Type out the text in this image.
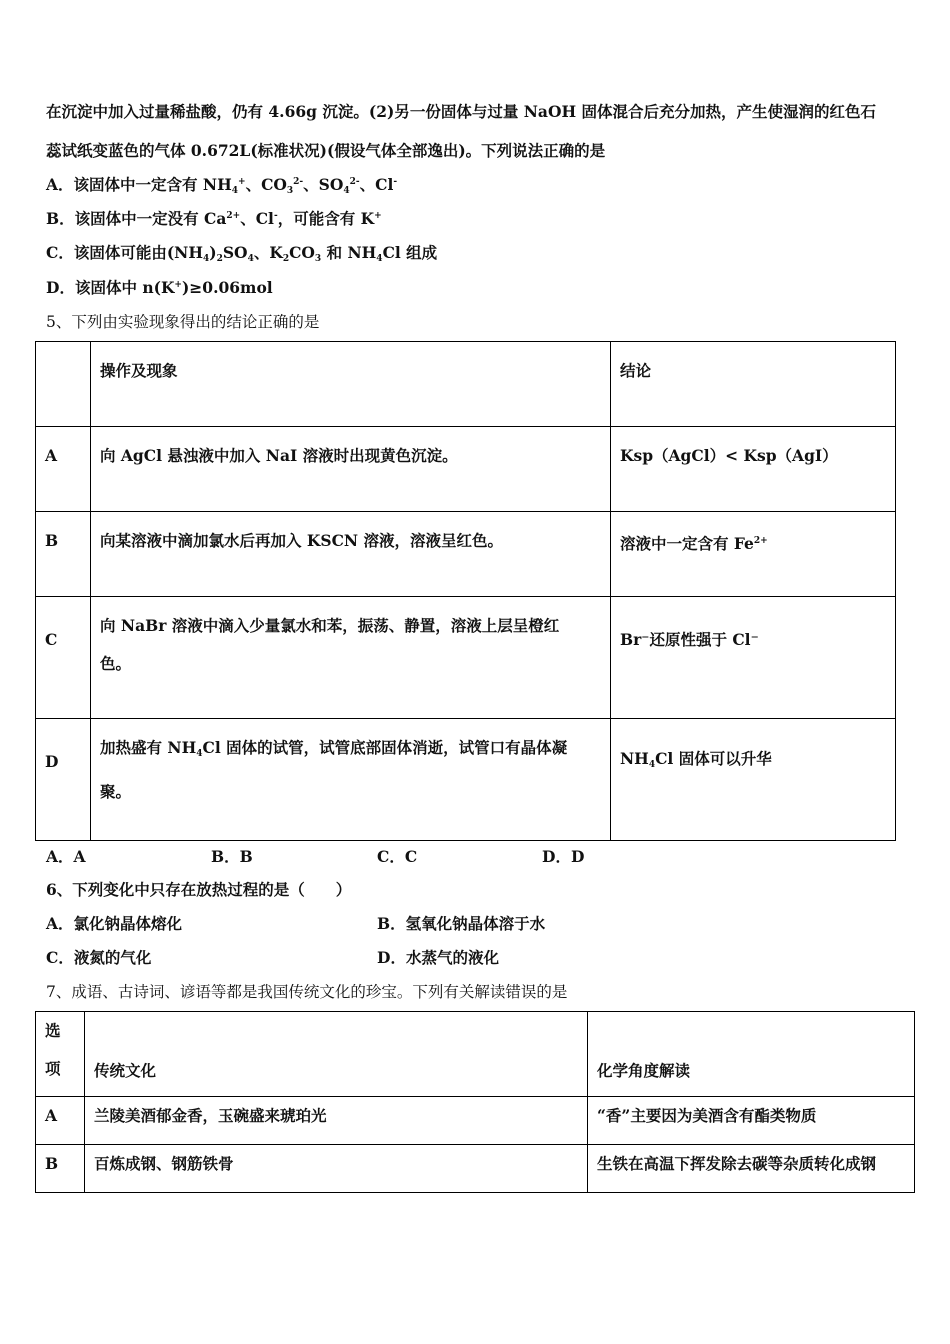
在沉淀中加入过量稀盐酸，仍有 4.66g 沉淀。(2)另一份固体与过量 NaOH 固体混合后充分加热，产生使湿润的红色石
蕊试纸变蓝色的气体 0.672L(标准状况)(假设气体全部逸出)。下列说法正确的是
A．该固体中一定含有 $NH_4^+$、$CO_3^{2-}$、$SO_4^{2-}$、Cl-
B．该固体中一定没有 $Ca^{2+}$、Cl-，可能含有 K+
C．该固体可能由$(NH_4)_2SO_4$、$K_2CO_3$ 和 $NH_4Cl$ 组成
D．该固体中 n(K+)≥0.06mol
5、下列由实验现象得出的结论正确的是

	操作及现象	结论

A	向 AgCl 悬浊液中加入 NaI 溶液时出现黄色沉淀。	Ksp（AgCl）< Ksp（AgI）

B	向某溶液中滴加氯水后再加入 KSCN 溶液，溶液呈红色。	溶液中一定含有 $Fe^{2+}$

C	向 NaBr 溶液中滴入少量氯水和苯，振荡、静置，溶液上层呈橙红色。	Br⁻还原性强于 Cl⁻

D	加热盛有 $NH_4Cl$ 固体的试管，试管底部固体消逝，试管口有晶体凝聚。	$NH_4Cl$ 固体可以升华
A．A	B．B	C．C	D．D
6、下列变化中只存在放热过程的是（　　）
A．氯化钠晶体熔化	B．氢氧化钠晶体溶于水
C．液氮的气化	D．水蒸气的液化
7、成语、古诗词、谚语等都是我国传统文化的珍宝。下列有关解读错误的是
选
项	传统文化	化学角度解读

A	兰陵美酒郁金香，玉碗盛来琥珀光	“香”主要因为美酒含有酯类物质

B	百炼成钢、钢筋铁骨	生铁在高温下挥发除去碳等杂质转化成钢
